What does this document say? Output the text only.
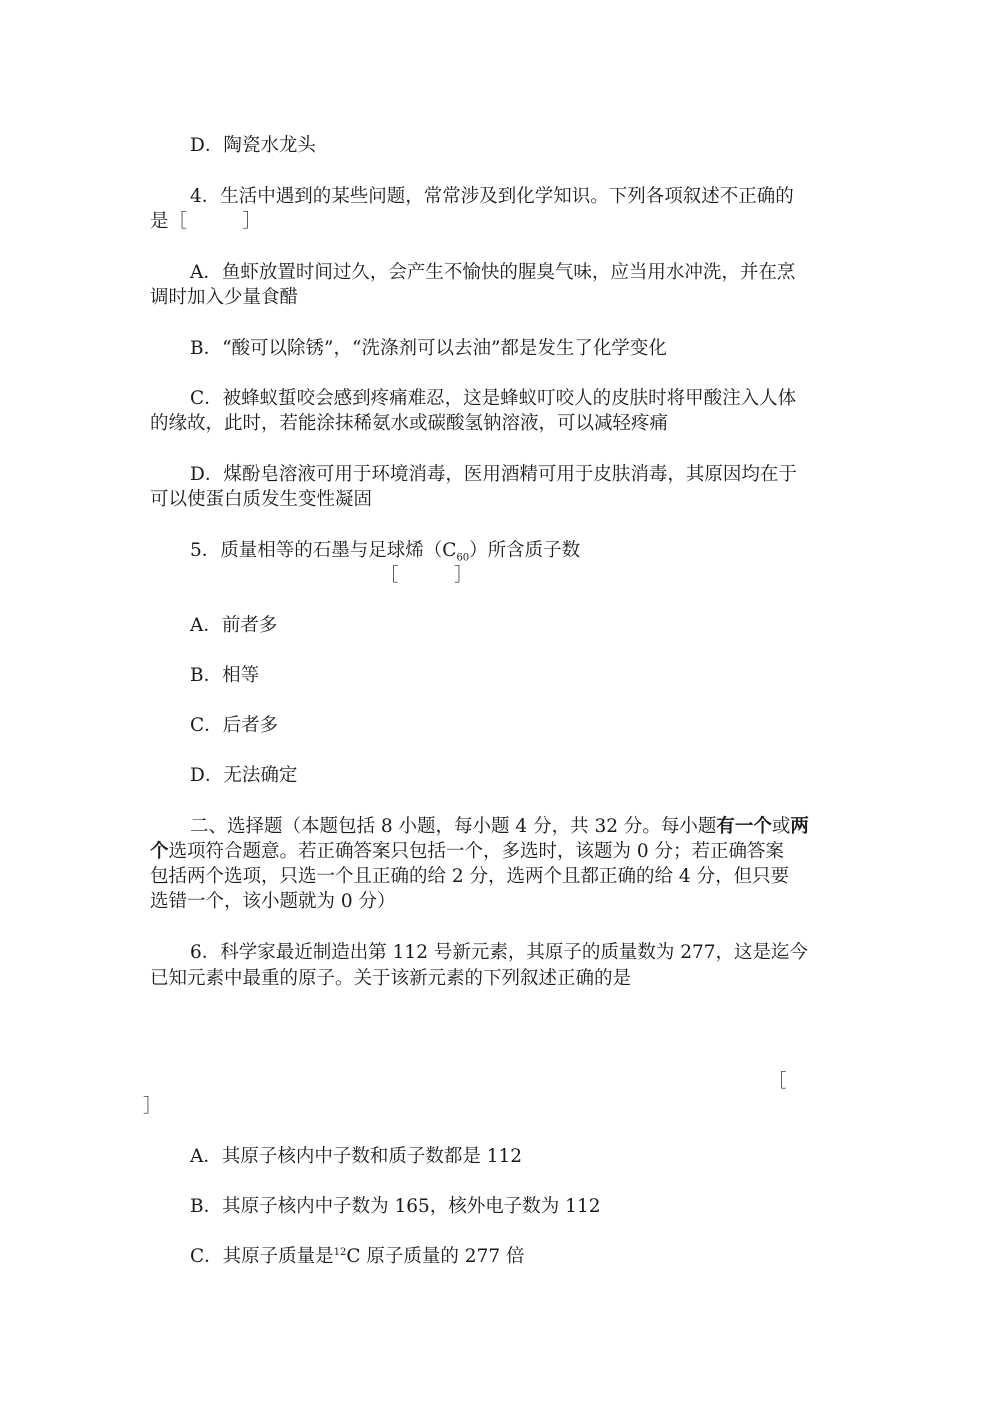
D．陶瓷水龙头
4．生活中遇到的某些问题，常常涉及到化学知识。下列各项叙述不正确的
是［　　　］
A．鱼虾放置时间过久，会产生不愉快的腥臭气味，应当用水冲洗，并在烹
调时加入少量食醋
B．“酸可以除锈”，“洗涤剂可以去油”都是发生了化学变化
C．被蜂蚁蜇咬会感到疼痛难忍，这是蜂蚁叮咬人的皮肤时将甲酸注入人体
的缘故，此时，若能涂抹稀氨水或碳酸氢钠溶液，可以减轻疼痛
D．煤酚皂溶液可用于环境消毒，医用酒精可用于皮肤消毒，其原因均在于
可以使蛋白质发生变性凝固
5．质量相等的石墨与足球烯$(C_{60})$所含质子数
［　　　］
A．前者多
B．相等
C．后者多
D．无法确定
二、选择题（本题包括 8 小题，每小题 4 分，共 32 分。每小题有一个或两
个选项符合题意。若正确答案只包括一个，多选时，该题为 0 分；若正确答案
包括两个选项，只选一个且正确的给 2 分，选两个且都正确的给 4 分，但只要
选错一个，该小题就为 0 分）
6．科学家最近制造出第 112 号新元素，其原子的质量数为 277，这是迄今
已知元素中最重的原子。关于该新元素的下列叙述正确的是
［
］
A．其原子核内中子数和质子数都是 112
B．其原子核内中子数为 165，核外电子数为 112
C．其原子质量是$^{12}$C 原子质量的 277 倍
